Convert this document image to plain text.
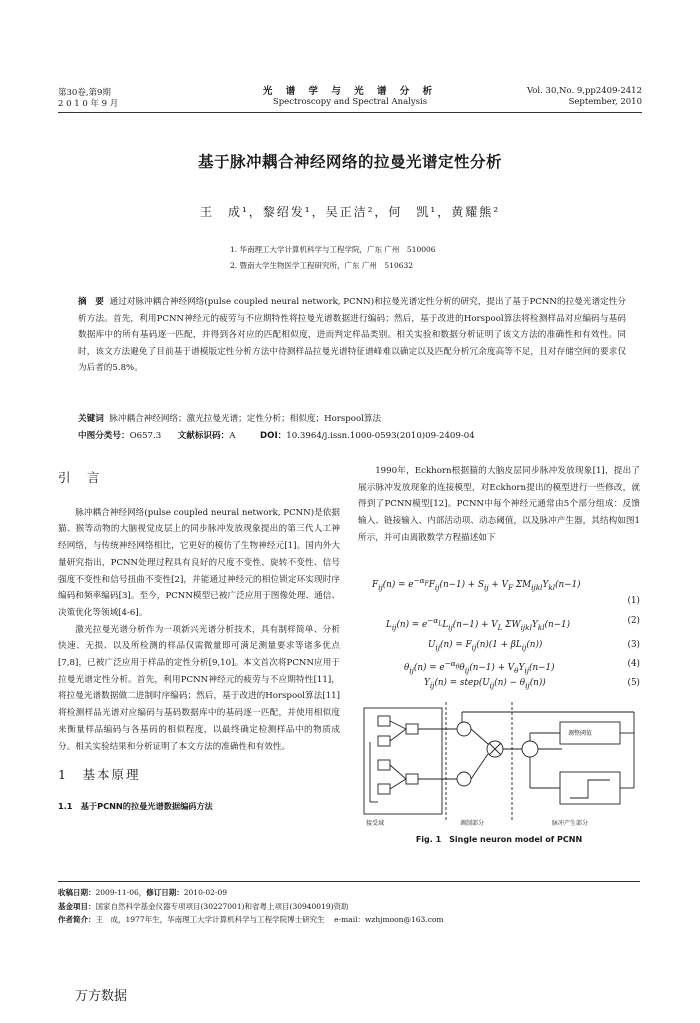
第30卷,第9期
2 0 1 0 年 9 月
光 谱 学 与 光 谱 分 析
Spectroscopy and Spectral Analysis
Vol. 30,No. 9,pp2409-2412
September, 2010
基于脉冲耦合神经网络的拉曼光谱定性分析
王　成¹，黎绍发¹，吴正洁²，何　凯¹，黄耀熊²
1. 华南理工大学计算机科学与工程学院，广东 广州　510006
2. 暨南大学生物医学工程研究所，广东 广州　510632
摘　要 通过对脉冲耦合神经网络(pulse coupled neural network, PCNN)和拉曼光谱定性分析的研究，提出了基于PCNN的拉曼光谱定性分析方法。首先，利用PCNN神经元的疲劳与不应期特性将拉曼光谱数据进行编码；然后，基于改进的Horspool算法将检测样品对应编码与基码数据库中的所有基码逐一匹配，并得到各对应的匹配相似度，进而判定样品类别。相关实验和数据分析证明了该文方法的准确性和有效性。同时，该文方法避免了目前基于谱模版定性分析方法中待测样品拉曼光谱特征谱峰难以确定以及匹配分析冗余度高等不足，且对存储空间的要求仅为后者的5.8%。
关键词 脉冲耦合神经网络；激光拉曼光谱；定性分析；相似度；Horspool算法
中图分类号：O657.3 文献标识码：A	DOI：10.3964/j.issn.1000-0593(2010)09-2409-04
引　言
脉冲耦合神经网络(pulse coupled neural network, PCNN)是依据猫、猴等动物的大脑视觉皮层上的同步脉冲发放现象提出的第三代人工神经网络，与传统神经网络相比，它更好的模仿了生物神经元[1]。国内外大量研究指出，PCNN处理过程具有良好的尺度不变性、旋转不变性、信号强度不变性和信号扭曲不变性[2]，并能通过神经元的相位锁定环实现时序编码和频率编码[3]。至今，PCNN模型已被广泛应用于图像处理、通信、决策优化等领域[4-6]。
激光拉曼光谱分析作为一项新兴光谱分析技术，具有制样简单、分析快速、无损、以及所检测的样品仅需微量即可满足测量要求等诸多优点[7,8]，已被广泛应用于样品的定性分析[9,10]。本文首次将PCNN应用于拉曼光谱定性分析。首先，利用PCNN神经元的疲劳与不应期特性[11]，将拉曼光谱数据做二进制时序编码；然后，基于改进的Horspool算法[11]将检测样品光谱对应编码与基码数据库中的基码逐一匹配，并使用相似度来衡量样品编码与各基码的相似程度，以最终确定检测样品中的物质成分。相关实验结果和分析证明了本文方法的准确性和有效性。
1　基本原理
1.1　基于PCNN的拉曼光谱数据编码方法
1990年，Eckhorn根据猫的大脑皮层同步脉冲发放现象[1]，提出了展示脉冲发放现象的连接模型，对Eckhorn提出的模型进行一些修改，就得到了PCNN模型[12]。PCNN中每个神经元通常由5个部分组成：反馈输入、链接输入、内部活动项、动态阈值，以及脉冲产生器，其结构如图1所示，并可由离散数学方程描述如下
$F_{ij}(n) = e^{-\alpha_F}F_{ij}(n-1) + S_{ij} + V_F$ $\Sigma M_{ijkl}Y_{kl}(n-1)$
(1)
$L_{ij}(n) = e^{-\alpha_L}L_{ij}(n-1) + V_L$ $\Sigma W_{ijkl}Y_{kl}(n-1)$	(2)
$U_{ij}(n) = F_{ij}(n)(1 + \beta L_{ij}(n))$	(3)
$\theta_{ij}(n) = e^{-\alpha_\theta}\theta_{ij}(n-1) + V_\theta Y_{ij}(n-1)$	(4)
$Y_{ij}(n)$ = $step(U_{ij}(n) - \theta_{ij}(n))$	(5)
接受域	调制部分	脉冲产生部分
调整阈值
Fig. 1　Single neuron model of PCNN
收稿日期：2009-11-06，修订日期：2010-02-09
基金项目：国家自然科学基金仪器专项项目(30227001)和省粤上项目(30940019)资助
作者简介：王　成，1977年生，华南理工大学计算机科学与工程学院博士研究生 e-mail：wzhjmoon@163.com
万方数据
